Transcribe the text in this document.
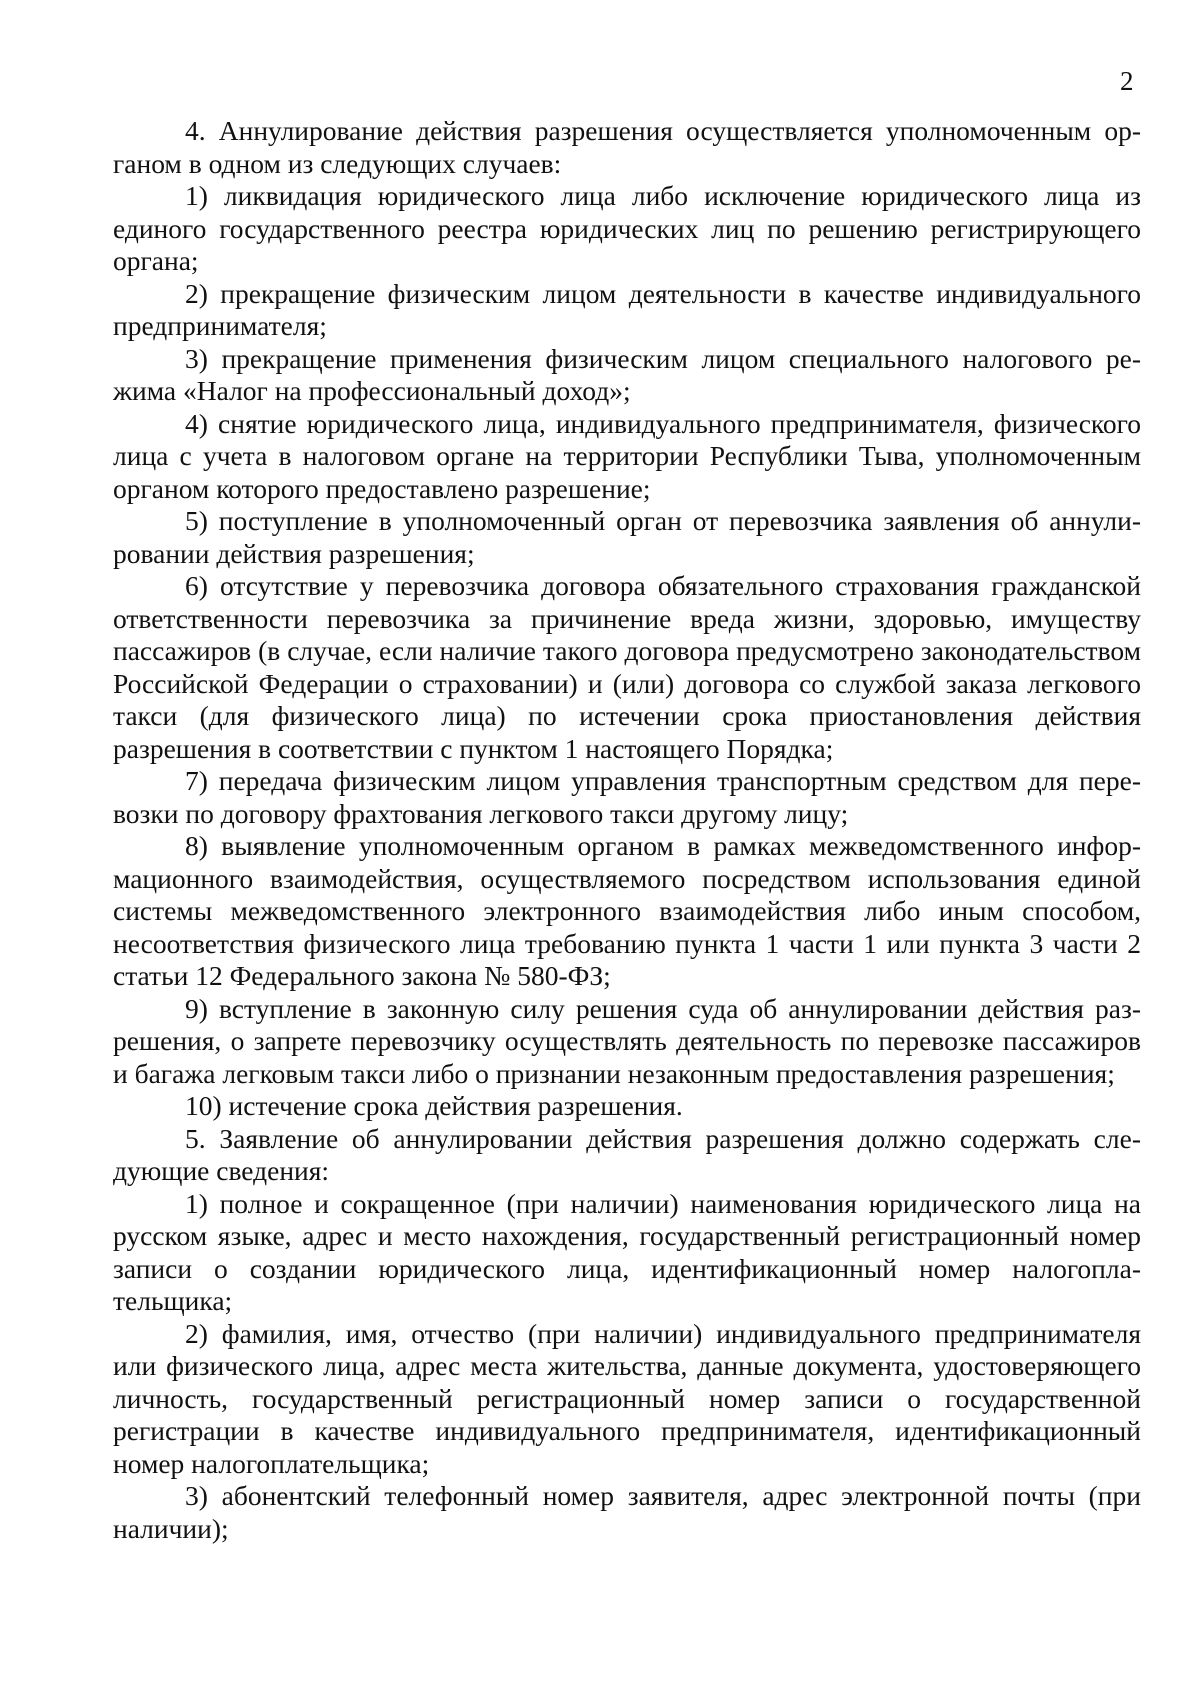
2

4. Аннулирование действия разрешения осуществляется уполномоченным органом в одном из следующих случаев:

1) ликвидация юридического лица либо исключение юридического лица из единого государственного реестра юридических лиц по решению регистрирующего органа;

2) прекращение физическим лицом деятельности в качестве индивидуального предпринимателя;

3) прекращение применения физическим лицом специального налогового режима «Налог на профессиональный доход»;

4) снятие юридического лица, индивидуального предпринимателя, физического лица с учета в налоговом органе на территории Республики Тыва, уполномоченным органом которого предоставлено разрешение;

5) поступление в уполномоченный орган от перевозчика заявления об аннулировании действия разрешения;

6) отсутствие у перевозчика договора обязательного страхования гражданской ответственности перевозчика за причинение вреда жизни, здоровью, имуществу пассажиров (в случае, если наличие такого договора предусмотрено законодательством Российской Федерации о страховании) и (или) договора со службой заказа легкового такси (для физического лица) по истечении срока приостановления действия разрешения в соответствии с пунктом 1 настоящего Порядка;

7) передача физическим лицом управления транспортным средством для перевозки по договору фрахтования легкового такси другому лицу;

8) выявление уполномоченным органом в рамках межведомственного информационного взаимодействия, осуществляемого посредством использования единой системы межведомственного электронного взаимодействия либо иным способом, несоответствия физического лица требованию пункта 1 части 1 или пункта 3 части 2 статьи 12 Федерального закона № 580-ФЗ;

9) вступление в законную силу решения суда об аннулировании действия разрешения, о запрете перевозчику осуществлять деятельность по перевозке пассажиров и багажа легковым такси либо о признании незаконным предоставления разрешения;

10) истечение срока действия разрешения.

5. Заявление об аннулировании действия разрешения должно содержать следующие сведения:

1) полное и сокращенное (при наличии) наименования юридического лица на русском языке, адрес и место нахождения, государственный регистрационный номер записи о создании юридического лица, идентификационный номер налогоплательщика;

2) фамилия, имя, отчество (при наличии) индивидуального предпринимателя или физического лица, адрес места жительства, данные документа, удостоверяющего личность, государственный регистрационный номер записи о государственной регистрации в качестве индивидуального предпринимателя, идентификационный номер налогоплательщика;

3) абонентский телефонный номер заявителя, адрес электронной почты (при наличии);
